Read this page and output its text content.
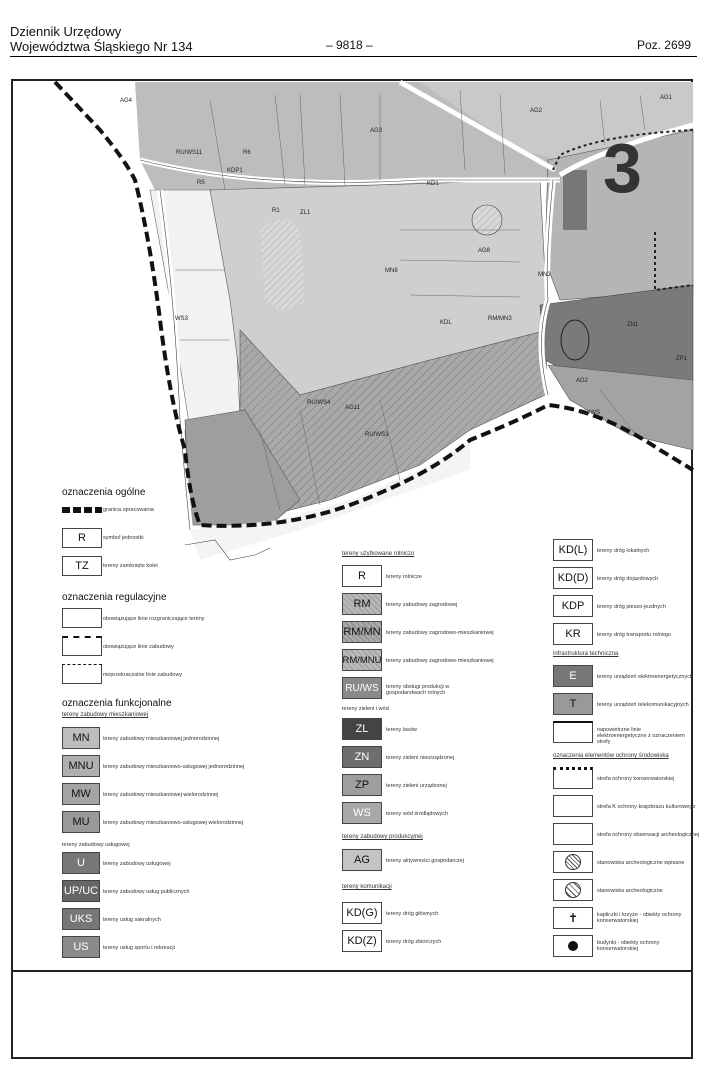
Dziennik Urzędowy
Województwa Śląskiego Nr 134	– 9818 –	Poz. 2699
AG4
AG3
AG2
AG1
RU/WS11	R6
KDP1
R5	KD1
ZL1
WS3
MN3
RM/MN3
MN8
ZN1
ZP1
AG2
RU/WS4
AG11
RU/WS3
R1
AG8
RU/WS
KDL
3
oznaczenia ogólne
granica opracowania
R	symbol jednostki
TZ	tereny zamknięte kolei
oznaczenia regulacyjne
obowiązujące linie rozgraniczające tereny
obowiązujące linie zabudowy
nieprzekraczalne linie zabudowy
oznaczenia funkcjonalne
tereny zabudowy mieszkaniowej
MN	tereny zabudowy mieszkaniowej jednorodzinnej
MNU	tereny zabudowy mieszkaniowo-usługowej jednorodzinnej
MW	tereny zabudowy mieszkaniowej wielorodzinnej
MU	tereny zabudowy mieszkaniowo-usługowej wielorodzinnej
tereny zabudowy usługowej
U	tereny zabudowy usługowej
UP/UC tereny zabudowy usług publicznych
UKS	tereny usług sakralnych
US	tereny usług sportu i rekreacji
tereny użytkowane rolniczo
R	tereny rolnicze
RM	tereny zabudowy zagrodowej
RM/MN tereny zabudowy zagrodowo-mieszkaniowej
RM/MNU tereny zabudowy zagrodowo-mieszkaniowej
RU/WS	tereny obsługi produkcji w gospodarstwach rolnych
tereny zieleni i wód
ZL	tereny lasów
ZN	tereny zieleni nieurządzonej
ZP	tereny zieleni urządzonej
WS	tereny wód śródlądowych
tereny zabudowy produkcyjnej
AG	tereny aktywności gospodarczej
tereny komunikacji
KD(G)	tereny dróg głównych
KD(Z)	tereny dróg zbiorczych
KD(L)	tereny dróg lokalnych
KD(D)	tereny dróg dojazdowych
KDP	tereny dróg pieszo-jezdnych
KR	tereny dróg transportu rolnego
infrastruktura techniczna
E	tereny urządzeń elektroenergetycznych
T	tereny urządzeń telekomunikacyjnych
napowietrzne linie elektroenergetyczne z oznaczeniem strefy
oznaczenia elementów ochrony środowiska
strefa ochrony konserwatorskiej
strefa K ochrony krajobrazu kulturowego
strefa ochrony obserwacji archeologicznej
stanowiska archeologiczne wpisane
stanowiska archeologiczne
✝	kapliczki i krzyże - obiekty ochrony konserwatorskiej
budynki - obiekty ochrony konserwatorskiej
